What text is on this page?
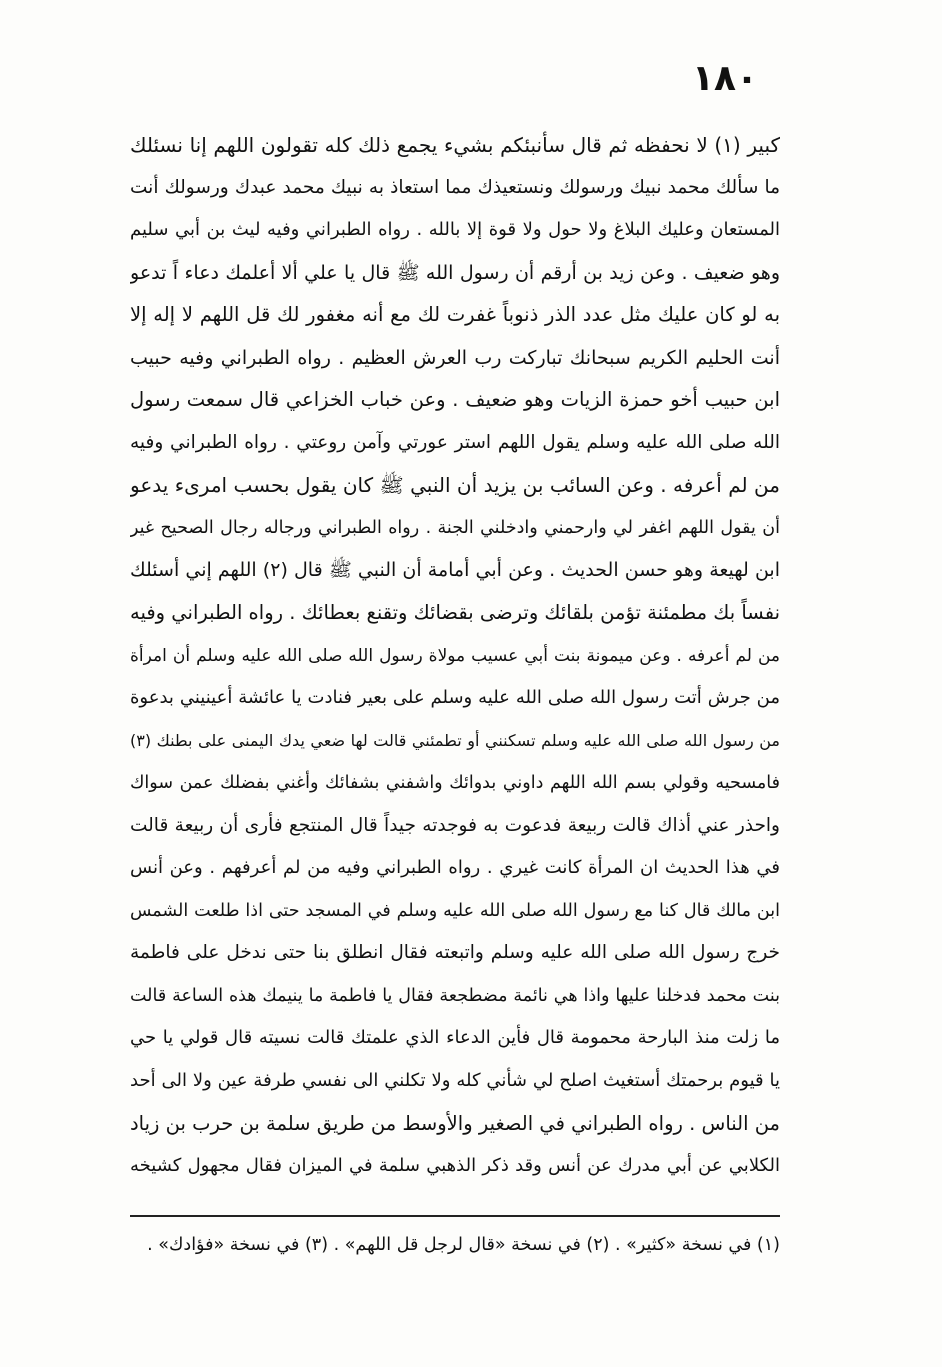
١٨٠
كبير (١) لا نحفظه ثم قال سأنبئكم بشيء يجمع ذلك كله تقولون اللهم إنا نسئلك
ما سألك محمد نبيك ورسولك ونستعيذك مما استعاذ به نبيك محمد عبدك ورسولك أنت
المستعان وعليك البلاغ ولا حول ولا قوة إلا بالله . رواه الطبراني وفيه ليث بن أبي سليم
وهو ضعيف . وعن زيد بن أرقم أن رسول الله ﷺ قال يا علي ألا أعلمك دعاء اً تدعو
به لو كان عليك مثل عدد الذر ذنوباً غفرت لك مع أنه مغفور لك قل اللهم لا إله إلا
أنت الحليم الكريم سبحانك تباركت رب العرش العظيم . رواه الطبراني وفيه حبيب
ابن حبيب أخو حمزة الزيات وهو ضعيف . وعن خباب الخزاعي قال سمعت رسول
الله صلى الله عليه وسلم يقول اللهم استر عورتي وآمن روعتي . رواه الطبراني وفيه
من لم أعرفه . وعن السائب بن يزيد أن النبي ﷺ كان يقول بحسب امرىء يدعو
أن يقول اللهم اغفر لي وارحمني وادخلني الجنة . رواه الطبراني ورجاله رجال الصحيح غير
ابن لهيعة وهو حسن الحديث . وعن أبي أمامة أن النبي ﷺ قال (٢) اللهم إني أسئلك
نفساً بك مطمئنة تؤمن بلقائك وترضى بقضائك وتقنع بعطائك . رواه الطبراني وفيه
من لم أعرفه . وعن ميمونة بنت أبي عسيب مولاة رسول الله صلى الله عليه وسلم أن امرأة
من جرش أتت رسول الله صلى الله عليه وسلم على بعير فنادت يا عائشة أعينيني بدعوة
من رسول الله صلى الله عليه وسلم تسكنني أو تطمئني قالت لها ضعي يدك اليمنى على بطنك (٣)
فامسحيه وقولي بسم الله اللهم داوني بدوائك واشفني بشفائك وأغني بفضلك عمن سواك
واحذر عني أذاك قالت ربيعة فدعوت به فوجدته جيداً قال المنتجع فأرى أن ربيعة قالت
في هذا الحديث ان المرأة كانت غيري . رواه الطبراني وفيه من لم أعرفهم . وعن أنس
ابن مالك قال كنا مع رسول الله صلى الله عليه وسلم في المسجد حتى اذا طلعت الشمس
خرج رسول الله صلى الله عليه وسلم واتبعته فقال انطلق بنا حتى ندخل على فاطمة
بنت محمد فدخلنا عليها واذا هي نائمة مضطجعة فقال يا فاطمة ما ينيمك هذه الساعة قالت
ما زلت منذ البارحة محمومة قال فأين الدعاء الذي علمتك قالت نسيته قال قولي يا حي
يا قيوم برحمتك أستغيث اصلح لي شأني كله ولا تكلني الى نفسي طرفة عين ولا الى أحد
من الناس . رواه الطبراني في الصغير والأوسط من طريق سلمة بن حرب بن زياد
الكلابي عن أبي مدرك عن أنس وقد ذكر الذهبي سلمة في الميزان فقال مجهول كشيخه
(١) في نسخة «كثير» . (٢) في نسخة «قال لرجل قل اللهم» . (٣) في نسخة «فؤادك» .
